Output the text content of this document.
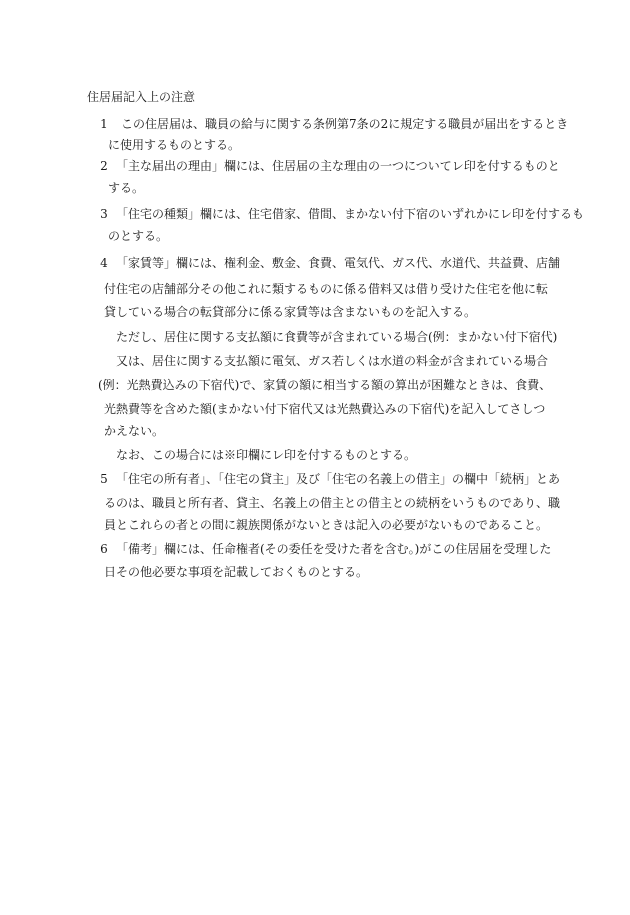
住居届記入上の注意
1 この住居届は、職員の給与に関する条例第7条の2に規定する職員が届出をするとき
に使用するものとする。
2 「主な届出の理由」欄には、住居届の主な理由の一つについてレ印を付するものと
する。
3 「住宅の種類」欄には、住宅借家、借間、まかない付下宿のいずれかにレ印を付するも
のとする。
4 「家賃等」欄には、権利金、敷金、食費、電気代、ガス代、水道代、共益費、店舗
付住宅の店舗部分その他これに類するものに係る借料又は借り受けた住宅を他に転
貸している場合の転貸部分に係る家賃等は含まないものを記入する。
ただし、居住に関する支払額に食費等が含まれている場合(例：まかない付下宿代)
又は、居住に関する支払額に電気、ガス若しくは水道の料金が含まれている場合
(例：光熱費込みの下宿代)で、家賃の額に相当する額の算出が困難なときは、食費、
光熱費等を含めた額(まかない付下宿代又は光熱費込みの下宿代)を記入してさしつ
かえない。
なお、この場合には※印欄にレ印を付するものとする。
5 「住宅の所有者」、「住宅の貸主」及び「住宅の名義上の借主」の欄中「続柄」とあ
るのは、職員と所有者、貸主、名義上の借主との借主との続柄をいうものであり、職
員とこれらの者との間に親族関係がないときは記入の必要がないものであること。
6 「備考」欄には、任命権者(その委任を受けた者を含む。)がこの住居届を受理した
日その他必要な事項を記載しておくものとする。
